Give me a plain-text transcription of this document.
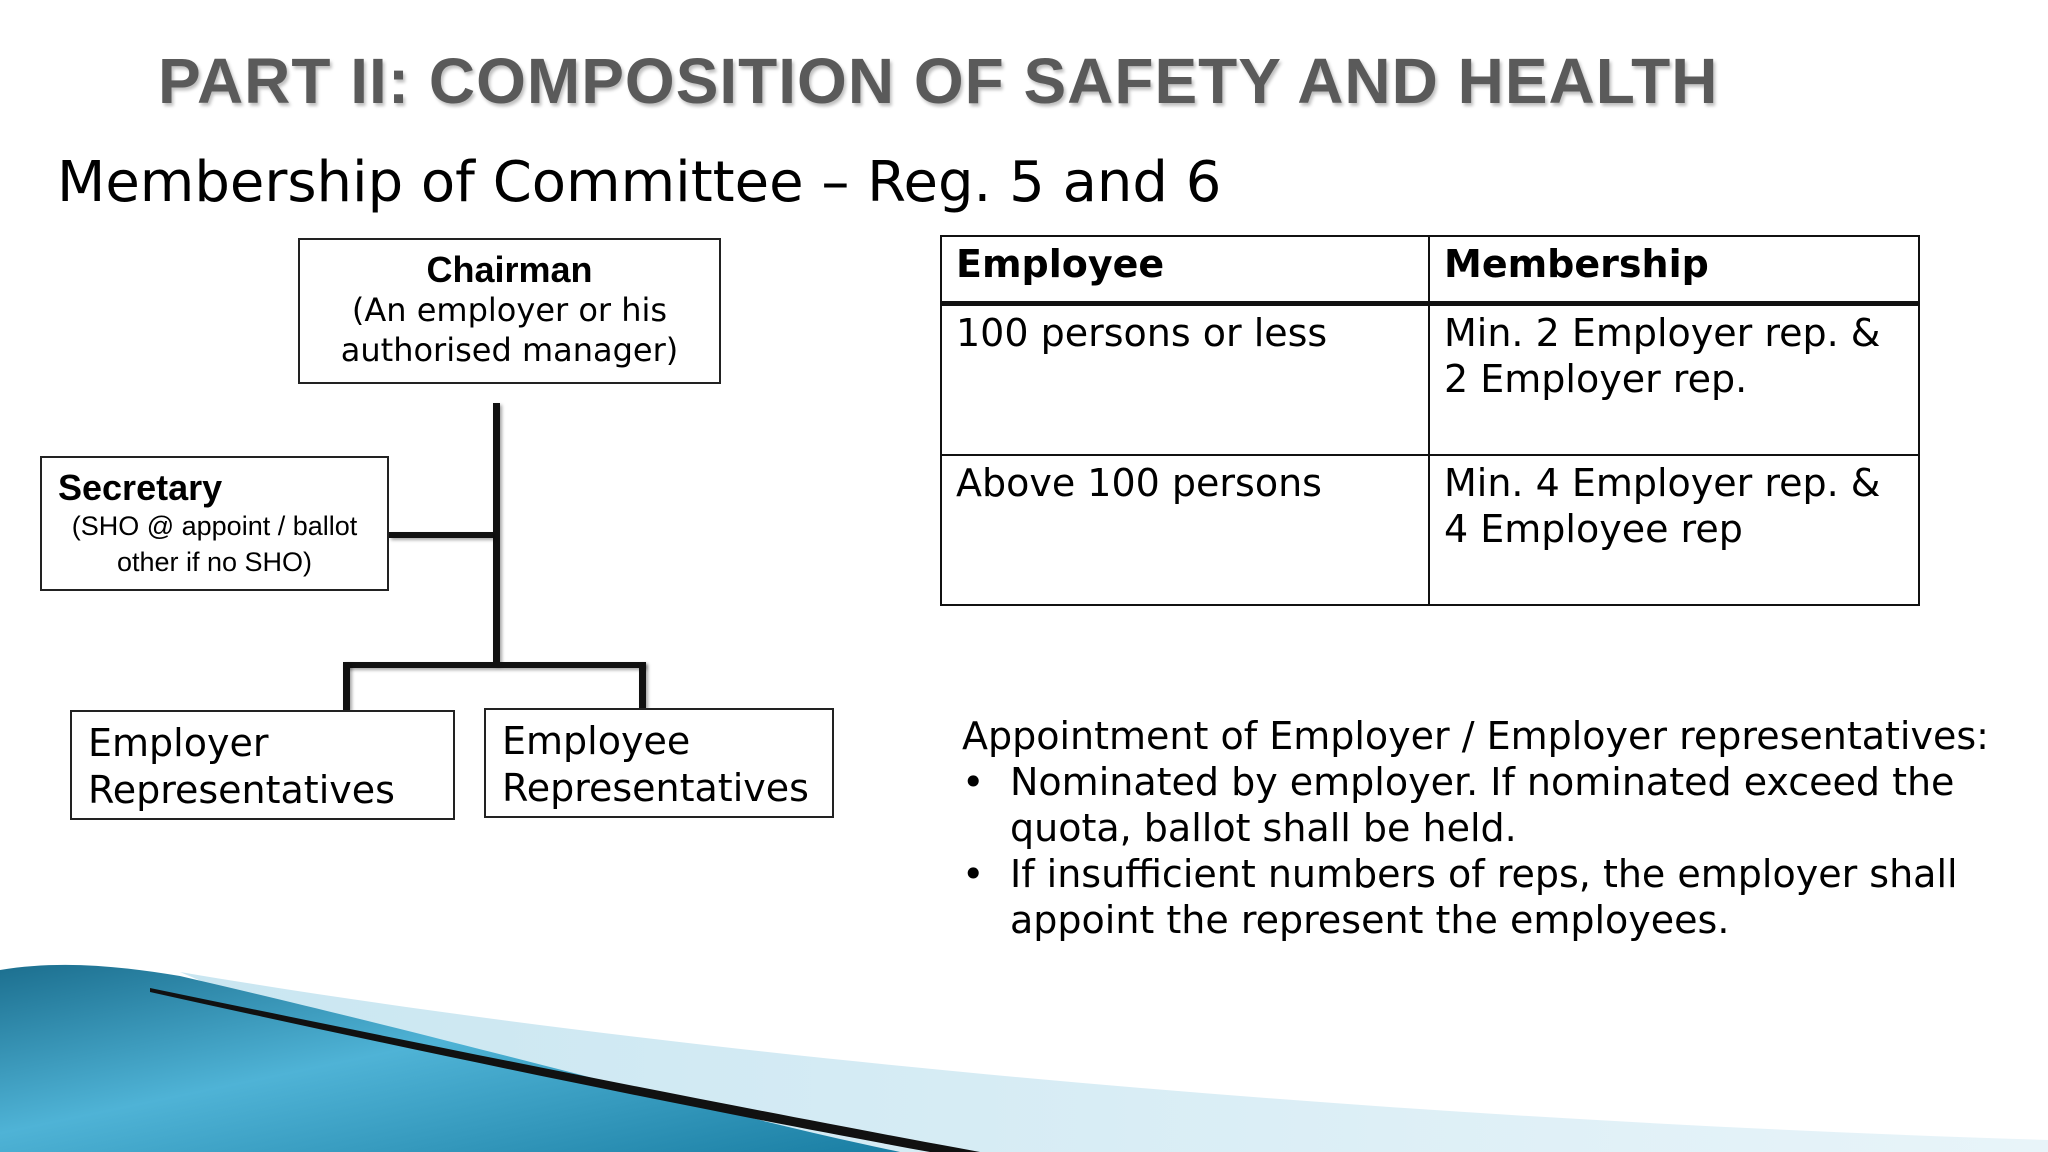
PART II: COMPOSITION OF SAFETY AND HEALTH
Membership of Committee – Reg. 5 and 6
Chairman
(An employer or his
authorised manager)
Secretary
(SHO @ appoint / ballot
other if no SHO)
Employer
Representatives
Employee
Representatives
Employee	Membership
100 persons or less	Min. 2 Employer rep. &
2 Employer rep.

Above 100 persons	Min. 4 Employer rep. &
4 Employee rep
Appointment of Employer / Employer representatives:
• Nominated by employer. If nominated exceed the quota, ballot shall be held.
• If insufficient numbers of reps, the employer shall appoint the represent the employees.
